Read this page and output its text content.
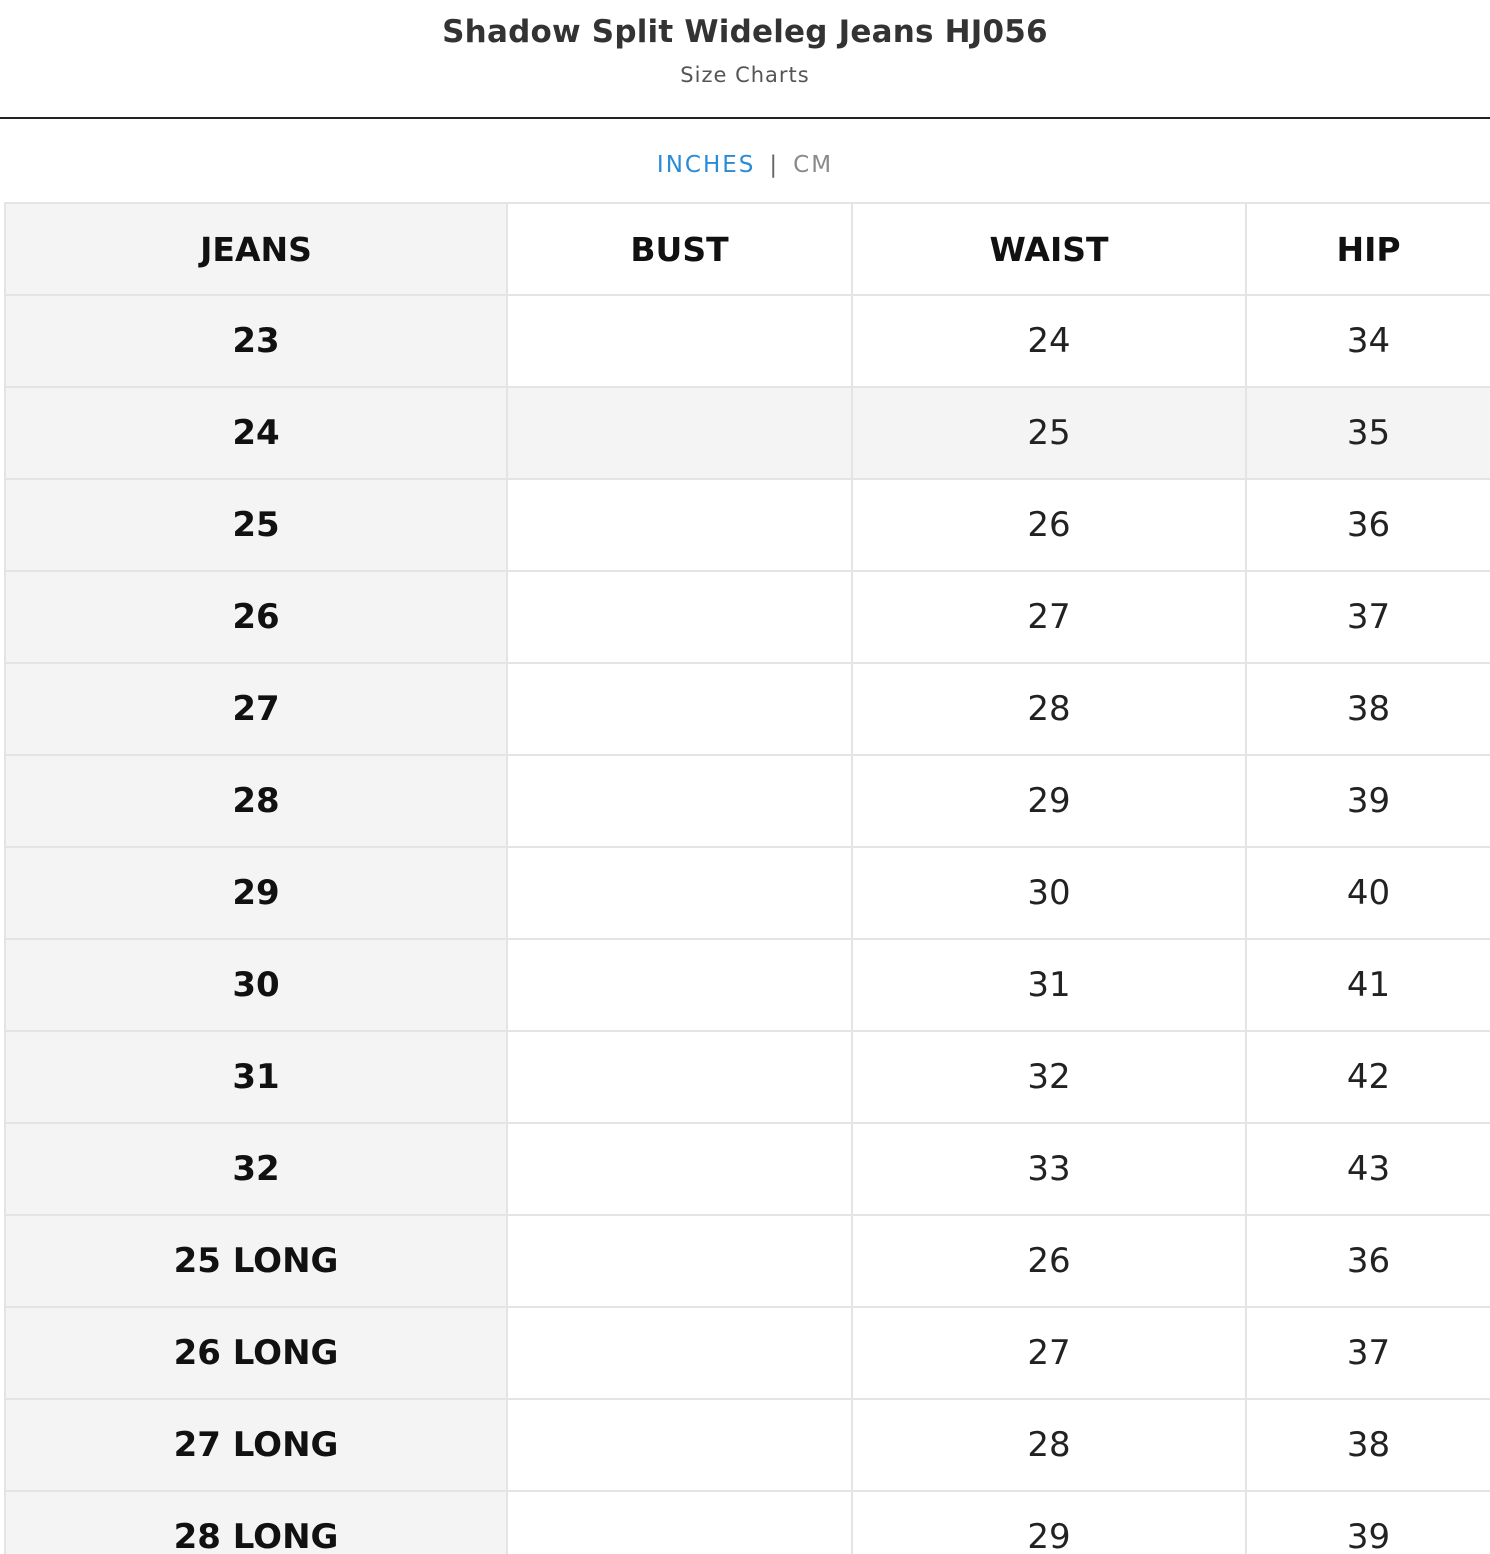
Shadow Split Wideleg Jeans HJ056
Size Charts
INCHES | CM
JEANS	BUST	WAIST	HIP
23		24	34
24		25	35
25		26	36
26		27	37
27		28	38
28		29	39
29		30	40
30		31	41
31		32	42
32		33	43
25 LONG		26	36
26 LONG		27	37
27 LONG		28	38
28 LONG		29	39
